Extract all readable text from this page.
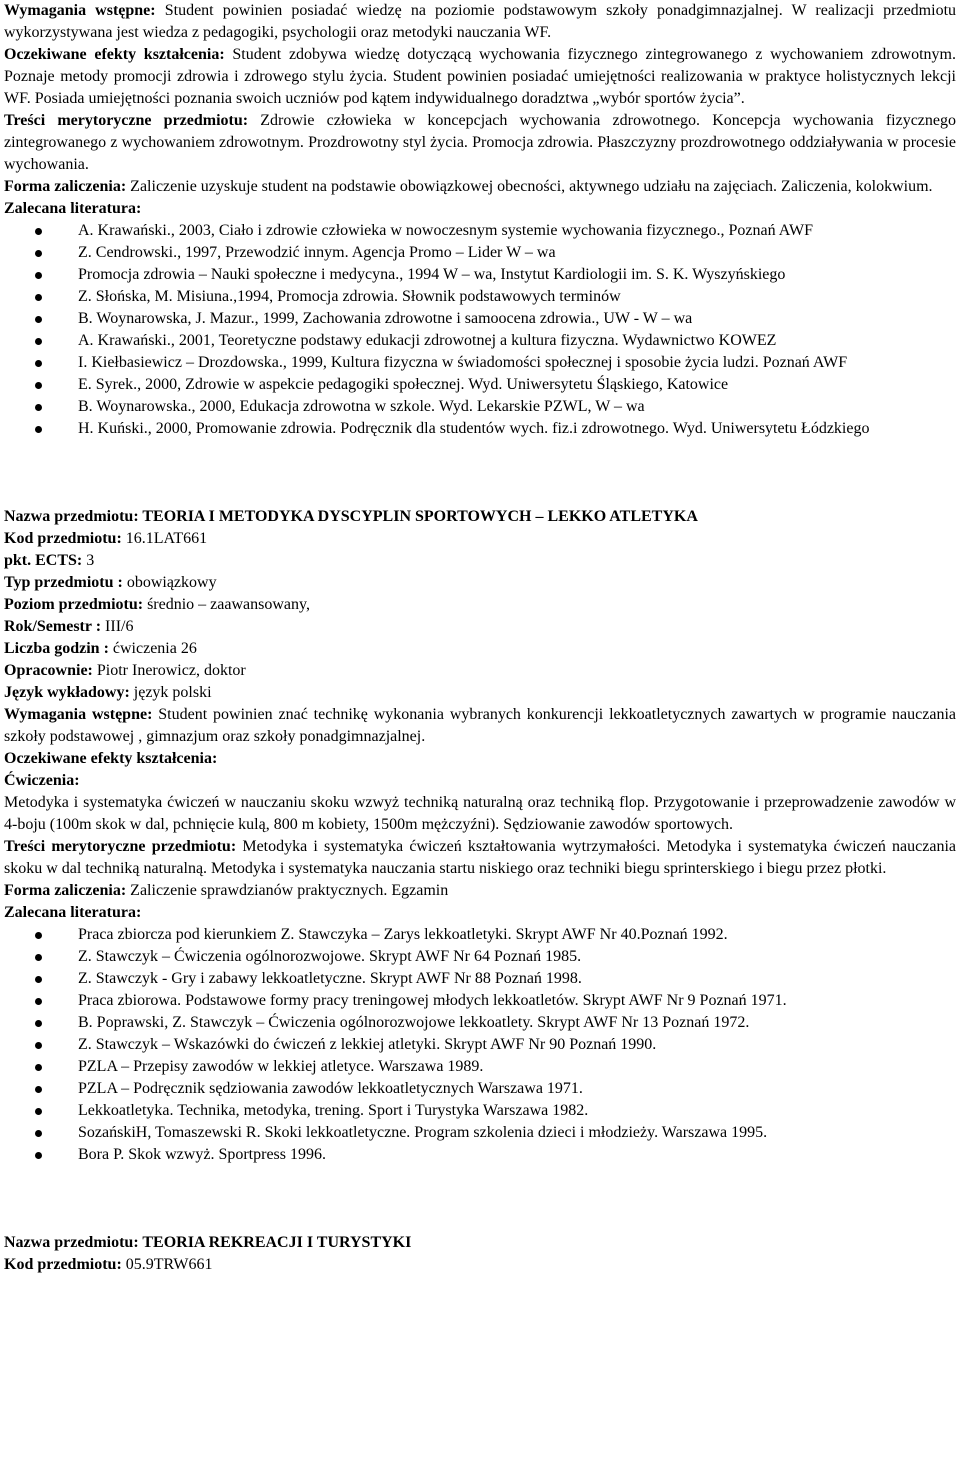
Wymagania wstępne: Student powinien posiadać wiedzę na poziomie podstawowym szkoły ponadgimnazjalnej. W realizacji przedmiotu wykorzystywana jest wiedza z pedagogiki, psychologii oraz metodyki nauczania WF.

Oczekiwane efekty kształcenia: Student zdobywa wiedzę dotyczącą wychowania fizycznego zintegrowanego z wychowaniem zdrowotnym. Poznaje metody promocji zdrowia i zdrowego stylu życia. Student powinien posiadać umiejętności realizowania w praktyce holistycznych lekcji WF. Posiada umiejętności poznania swoich uczniów pod kątem indywidualnego doradztwa „wybór sportów życia”.

Treści merytoryczne przedmiotu: Zdrowie człowieka w koncepcjach wychowania zdrowotnego. Koncepcja wychowania fizycznego zintegrowanego z wychowaniem zdrowotnym. Prozdrowotny styl życia. Promocja zdrowia. Płaszczyzny prozdrowotnego oddziaływania w procesie wychowania.

Forma zaliczenia: Zaliczenie uzyskuje student na podstawie obowiązkowej obecności, aktywnego udziału na zajęciach. Zaliczenia, kolokwium.

Zalecana literatura:

A. Krawański., 2003, Ciało i zdrowie człowieka w nowoczesnym systemie wychowania fizycznego., Poznań AWF
Z. Cendrowski., 1997, Przewodzić innym. Agencja Promo – Lider W – wa
Promocja zdrowia – Nauki społeczne i medycyna., 1994 W – wa, Instytut Kardiologii im. S. K. Wyszyńskiego
Z. Słońska, M. Misiuna.,1994, Promocja zdrowia. Słownik podstawowych terminów
B. Woynarowska, J. Mazur., 1999, Zachowania zdrowotne i samoocena zdrowia., UW - W – wa
A. Krawański., 2001, Teoretyczne podstawy edukacji zdrowotnej a kultura fizyczna. Wydawnictwo KOWEZ
I. Kiełbasiewicz – Drozdowska., 1999, Kultura fizyczna w świadomości społecznej i sposobie życia ludzi. Poznań AWF
E. Syrek., 2000, Zdrowie w aspekcie pedagogiki społecznej. Wyd. Uniwersytetu Śląskiego, Katowice
B. Woynarowska., 2000, Edukacja zdrowotna w szkole. Wyd. Lekarskie PZWL, W – wa
H. Kuński., 2000, Promowanie zdrowia. Podręcznik dla studentów wych. fiz.i zdrowotnego. Wyd. Uniwersytetu Łódzkiego

Nazwa przedmiotu: TEORIA I METODYKA DYSCYPLIN SPORTOWYCH – LEKKO ATLETYKA

Kod przedmiotu: 16.1LAT661

pkt. ECTS: 3

Typ przedmiotu : obowiązkowy

Poziom przedmiotu: średnio – zaawansowany,

Rok/Semestr : III/6

Liczba godzin : ćwiczenia 26

Opracownie: Piotr Inerowicz, doktor

Język wykładowy: język polski

Wymagania wstępne: Student powinien znać technikę wykonania wybranych konkurencji lekkoatletycznych zawartych w programie nauczania szkoły podstawowej , gimnazjum oraz szkoły ponadgimnazjalnej.

Oczekiwane efekty kształcenia:

Ćwiczenia:

Metodyka i systematyka ćwiczeń w nauczaniu skoku wzwyż techniką naturalną oraz techniką flop. Przygotowanie i przeprowadzenie zawodów w 4-boju (100m skok w dal, pchnięcie kulą, 800 m kobiety, 1500m mężczyźni). Sędziowanie zawodów sportowych.

Treści merytoryczne przedmiotu: Metodyka i systematyka ćwiczeń kształtowania wytrzymałości. Metodyka i systematyka ćwiczeń nauczania skoku w dal techniką naturalną. Metodyka i systematyka nauczania startu niskiego oraz techniki biegu sprinterskiego i biegu przez płotki.

Forma zaliczenia: Zaliczenie sprawdzianów praktycznych. Egzamin

Zalecana literatura:

Praca zbiorcza pod kierunkiem Z. Stawczyka – Zarys lekkoatletyki. Skrypt AWF Nr 40.Poznań 1992.
Z. Stawczyk – Ćwiczenia ogólnorozwojowe. Skrypt AWF Nr 64 Poznań 1985.
Z. Stawczyk - Gry i zabawy lekkoatletyczne. Skrypt AWF Nr 88 Poznań 1998.
Praca zbiorowa. Podstawowe formy pracy treningowej młodych lekkoatletów. Skrypt AWF Nr 9 Poznań 1971.
B. Poprawski, Z. Stawczyk – Ćwiczenia ogólnorozwojowe lekkoatlety. Skrypt AWF Nr 13 Poznań 1972.
Z. Stawczyk – Wskazówki do ćwiczeń z lekkiej atletyki. Skrypt AWF Nr 90 Poznań 1990.
PZLA – Przepisy zawodów w lekkiej atletyce. Warszawa 1989.
PZLA – Podręcznik sędziowania zawodów lekkoatletycznych Warszawa 1971.
Lekkoatletyka. Technika, metodyka, trening. Sport i Turystyka Warszawa 1982.
SozańskiH, Tomaszewski R. Skoki lekkoatletyczne. Program szkolenia dzieci i młodzieży. Warszawa 1995.
Bora P. Skok wzwyż. Sportpress 1996.

Nazwa przedmiotu: TEORIA REKREACJI I TURYSTYKI

Kod przedmiotu: 05.9TRW661
